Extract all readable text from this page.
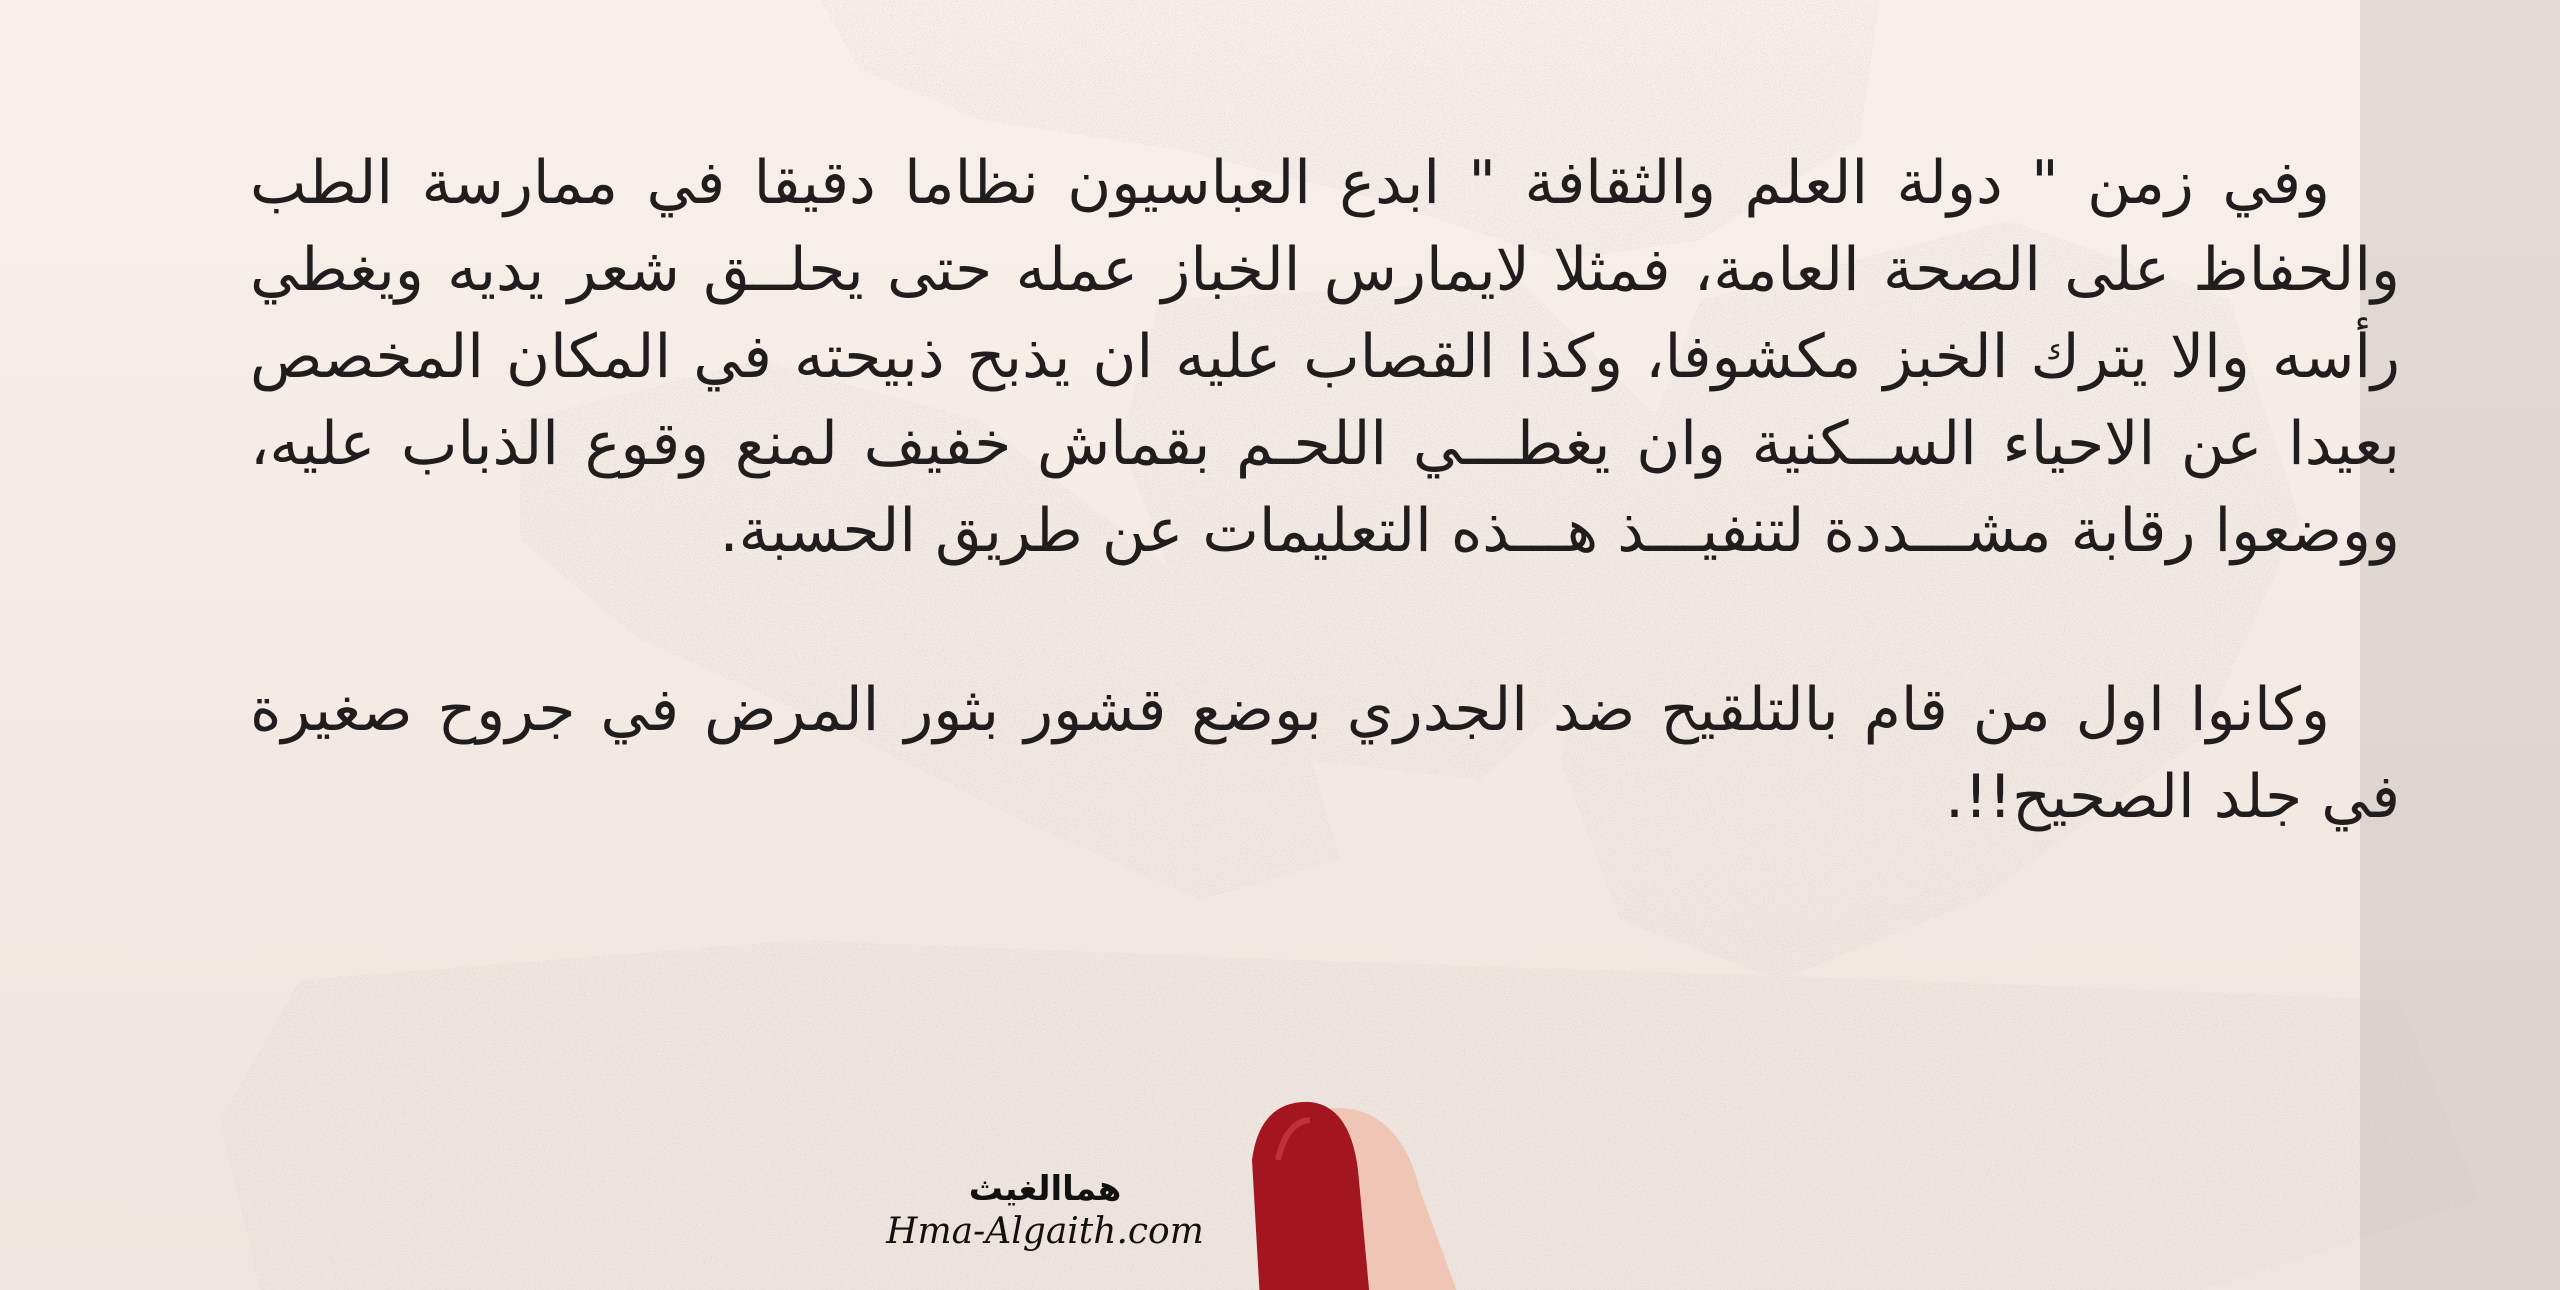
وفي زمن " دولة العلم والثقافة " ابدع العباسيون نظاما دقيقا في ممارسة الطب والحفاظ على الصحة العامة، فمثلا لايمارس الخباز عمله حتى يحلــق شعر يديه ويغطي رأسه والا يترك الخبز مكشوفا، وكذا القصاب عليه ان يذبح ذبيحته في المكان المخصص بعيدا عن الاحياء الســكنية وان يغطـــي اللحـم بقماش خفيف لمنع وقوع الذباب عليه، ووضعوا رقابة مشـــددة لتنفيـــذ هـــذه التعليمات عن طريق الحسبة.

وكانوا اول من قام بالتلقيح ضد الجدري بوضع قشور بثور المرض في جروح صغيرة في جلد الصحيح!!.

هماالغيث
Hma-Algaith.com
